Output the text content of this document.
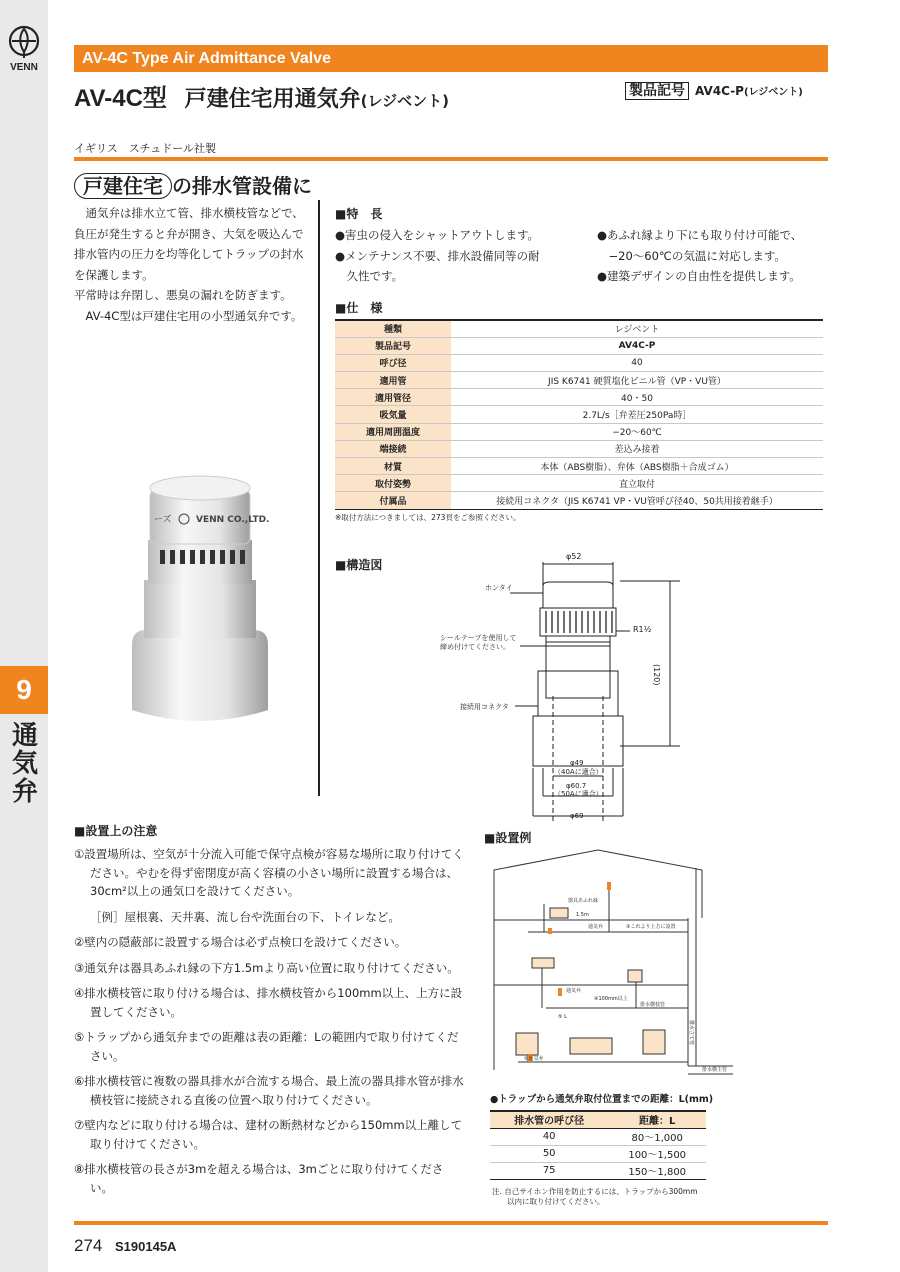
VENN
9
通
気
弁
AV-4C Type Air Admittance Valve
AV-4C型 戸建住宅用通気弁(レジベント)
製品記号 AV4C-P(レジベント)
イギリス　スチュドール社製
戸建住宅 の排水管設備に
　通気弁は排水立て管、排水横枝管などで、負圧が発生すると弁が開き、大気を吸込んで排水管内の圧力を均等化してトラップの封水を保護します。
平常時は弁閉し、悪臭の漏れを防ぎます。
　AV-4C型は戸建住宅用の小型通気弁です。
ーズ	VENN CO.,LTD.
■特　長
●害虫の侵入をシャットアウトします。
●メンテナンス不要、排水設備同等の耐
　久性です。
●あふれ縁より下にも取り付け可能で、
　−20〜60℃の気温に対応します。
●建築デザインの自由性を提供します。
■仕　様
種類	レジベント
製品記号	AV4C-P
呼び径	40
適用管	JIS K6741 硬質塩化ビニル管（VP・VU管）
適用管径	40・50
吸気量	2.7L/s［弁差圧250Pa時］
適用周囲温度	−20〜60℃
端接続	差込み接着
材質	本体（ABS樹脂）、弁体（ABS樹脂＋合成ゴム）
取付姿勢	直立取付
付属品	接続用コネクタ（JIS K6741 VP・VU管呼び径40、50共用接着継手）
※取付方法につきましては、273頁をご参照ください。
■構造図
φ52
ホンタイ
シールテープを使用して
締め付けてください。
R1½
(120)
接続用コネクタ
φ49
（40Aに適合）
φ60.7
（50Aに適合）
φ69
■設置上の注意

①設置場所は、空気が十分流入可能で保守点検が容易な場所に取り付けてください。やむを得ず密閉度が高く容積の小さい場所に設置する場合は、30cm²以上の通気口を設けてください。

［例］屋根裏、天井裏、流し台や洗面台の下、トイレなど。

②壁内の隠蔽部に設置する場合は必ず点検口を設けてください。

③通気弁は器具あふれ縁の下方1.5mより高い位置に取り付けてください。

④排水横枝管に取り付ける場合は、排水横枝管から100mm以上、上方に設置してください。

⑤トラップから通気弁までの距離は表の距離：Lの範囲内で取り付けてください。

⑥排水横枝管に複数の器具排水が合流する場合、最上流の器具排水管が排水横枝管に接続される直後の位置へ取り付けてください。

⑦壁内などに取り付ける場合は、建材の断熱材などから150mm以上離して取り付けてください。

⑧排水横枝管の長さが3mを超える場合は、3mごとに取り付けてください。

■設置例
器具あふれ縁
1.5m
通気弁	③これより上方に設置
通気弁
④100mm以上
排水横枝管
⑤ L
排水立て管
排水横主管
⑤通気弁
●トラップから通気弁取付位置までの距離：L(mm)
排水管の呼び径	距離：L
40	80〜1,000
50	100〜1,500
75	150〜1,800
注. 自己サイホン作用を防止するには、トラップから300mm
　　以内に取り付けてください。
274 S190145A
